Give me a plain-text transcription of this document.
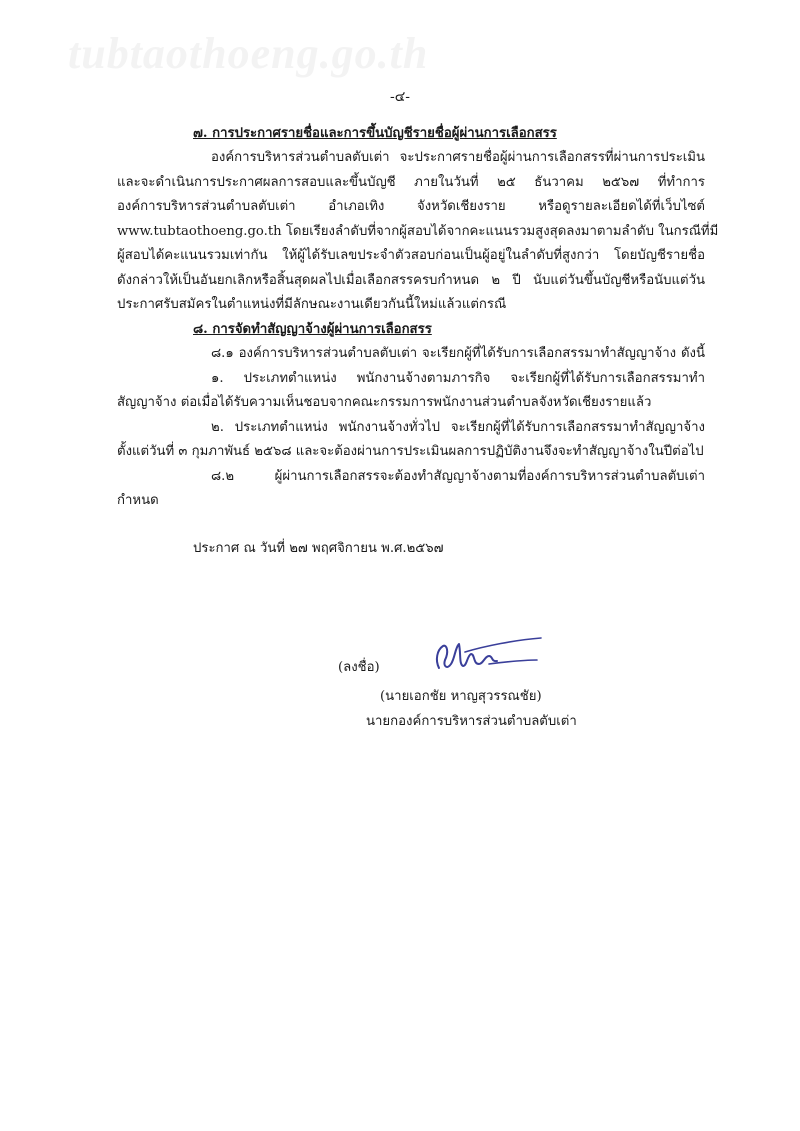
tubtaothoeng.go.th
-๔-
๗. การประกาศรายชื่อและการขึ้นบัญชีรายชื่อผู้ผ่านการเลือกสรร
องค์การบริหารส่วนตำบลตับเต่า จะประกาศรายชื่อผู้ผ่านการเลือกสรรที่ผ่านการประเมิน
และจะดำเนินการประกาศผลการสอบและขึ้นบัญชี ภายในวันที่ ๒๕ ธันวาคม ๒๕๖๗ ที่ทำการ
องค์การบริหารส่วนตำบลตับเต่า อำเภอเทิง จังหวัดเชียงราย หรือดูรายละเอียดได้ที่เว็บไซต์
www.tubtaothoeng.go.th โดยเรียงลำดับที่จากผู้สอบได้จากคะแนนรวมสูงสุดลงมาตามลำดับ ในกรณีที่มี
ผู้สอบได้คะแนนรวมเท่ากัน ให้ผู้ได้รับเลขประจำตัวสอบก่อนเป็นผู้อยู่ในลำดับที่สูงกว่า โดยบัญชีรายชื่อ
ดังกล่าวให้เป็นอันยกเลิกหรือสิ้นสุดผลไปเมื่อเลือกสรรครบกำหนด ๒ ปี นับแต่วันขึ้นบัญชีหรือนับแต่วัน
ประกาศรับสมัครในตำแหน่งที่มีลักษณะงานเดียวกันนี้ใหม่แล้วแต่กรณี
๘. การจัดทำสัญญาจ้างผู้ผ่านการเลือกสรร
๘.๑ องค์การบริหารส่วนตำบลตับเต่า จะเรียกผู้ที่ได้รับการเลือกสรรมาทำสัญญาจ้าง ดังนี้
๑. ประเภทตำแหน่ง พนักงานจ้างตามภารกิจ จะเรียกผู้ที่ได้รับการเลือกสรรมาทำ
สัญญาจ้าง ต่อเมื่อได้รับความเห็นชอบจากคณะกรรมการพนักงานส่วนตำบลจังหวัดเชียงรายแล้ว
๒. ประเภทตำแหน่ง พนักงานจ้างทั่วไป จะเรียกผู้ที่ได้รับการเลือกสรรมาทำสัญญาจ้าง
ตั้งแต่วันที่ ๓ กุมภาพันธ์ ๒๕๖๘ และจะต้องผ่านการประเมินผลการปฏิบัติงานจึงจะทำสัญญาจ้างในปีต่อไป
๘.๒ ผู้ผ่านการเลือกสรรจะต้องทำสัญญาจ้างตามที่องค์การบริหารส่วนตำบลตับเต่า
กำหนด
ประกาศ ณ วันที่ ๒๗ พฤศจิกายน พ.ศ.๒๕๖๗
(ลงชื่อ)
(นายเอกชัย หาญสุวรรณชัย)
นายกองค์การบริหารส่วนตำบลตับเต่า
